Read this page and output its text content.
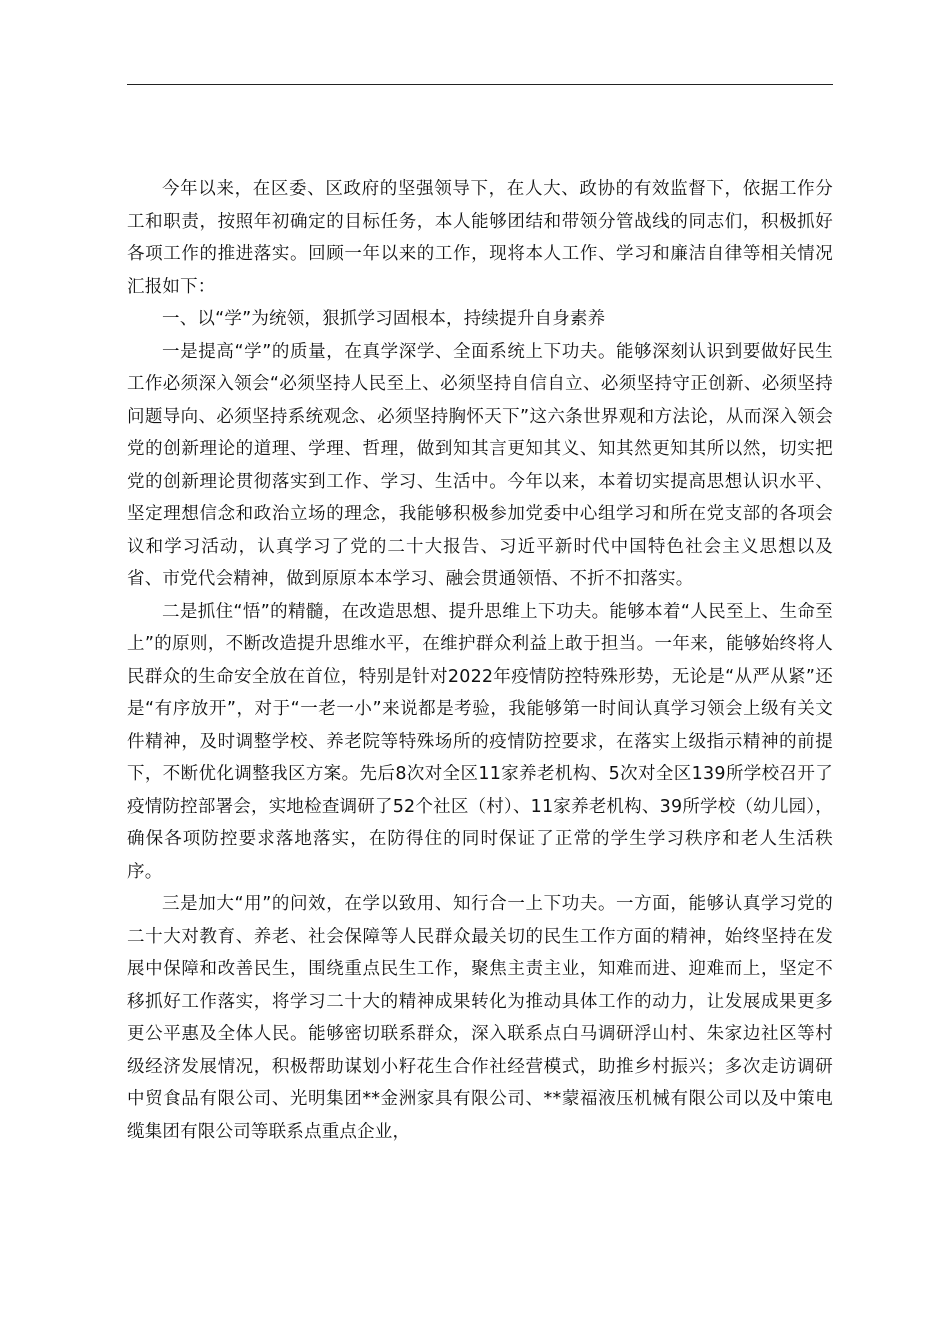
今年以来，在区委、区政府的坚强领导下，在人大、政协的有效监督下，依据工作分工和职责，按照年初确定的目标任务，本人能够团结和带领分管战线的同志们，积极抓好各项工作的推进落实。回顾一年以来的工作，现将本人工作、学习和廉洁自律等相关情况汇报如下：

一、以“学”为统领，狠抓学习固根本，持续提升自身素养

一是提高“学”的质量，在真学深学、全面系统上下功夫。能够深刻认识到要做好民生工作必须深入领会“必须坚持人民至上、必须坚持自信自立、必须坚持守正创新、必须坚持问题导向、必须坚持系统观念、必须坚持胸怀天下”这六条世界观和方法论，从而深入领会党的创新理论的道理、学理、哲理，做到知其言更知其义、知其然更知其所以然，切实把党的创新理论贯彻落实到工作、学习、生活中。今年以来，本着切实提高思想认识水平、坚定理想信念和政治立场的理念，我能够积极参加党委中心组学习和所在党支部的各项会议和学习活动，认真学习了党的二十大报告、习近平新时代中国特色社会主义思想以及省、市党代会精神，做到原原本本学习、融会贯通领悟、不折不扣落实。

二是抓住“悟”的精髓，在改造思想、提升思维上下功夫。能够本着“人民至上、生命至上”的原则，不断改造提升思维水平，在维护群众利益上敢于担当。一年来，能够始终将人民群众的生命安全放在首位，特别是针对2022年疫情防控特殊形势，无论是“从严从紧”还是“有序放开”，对于“一老一小”来说都是考验，我能够第一时间认真学习领会上级有关文件精神，及时调整学校、养老院等特殊场所的疫情防控要求，在落实上级指示精神的前提下，不断优化调整我区方案。先后8次对全区11家养老机构、5次对全区139所学校召开了疫情防控部署会，实地检查调研了52个社区（村）、11家养老机构、39所学校（幼儿园），确保各项防控要求落地落实，在防得住的同时保证了正常的学生学习秩序和老人生活秩序。

三是加大“用”的问效，在学以致用、知行合一上下功夫。一方面，能够认真学习党的二十大对教育、养老、社会保障等人民群众最关切的民生工作方面的精神，始终坚持在发展中保障和改善民生，围绕重点民生工作，聚焦主责主业，知难而进、迎难而上，坚定不移抓好工作落实，将学习二十大的精神成果转化为推动具体工作的动力，让发展成果更多更公平惠及全体人民。能够密切联系群众，深入联系点白马调研浮山村、朱家边社区等村级经济发展情况，积极帮助谋划小籽花生合作社经营模式，助推乡村振兴；多次走访调研中贸食品有限公司、光明集团**金洲家具有限公司、**蒙福液压机械有限公司以及中策电缆集团有限公司等联系点重点企业，
